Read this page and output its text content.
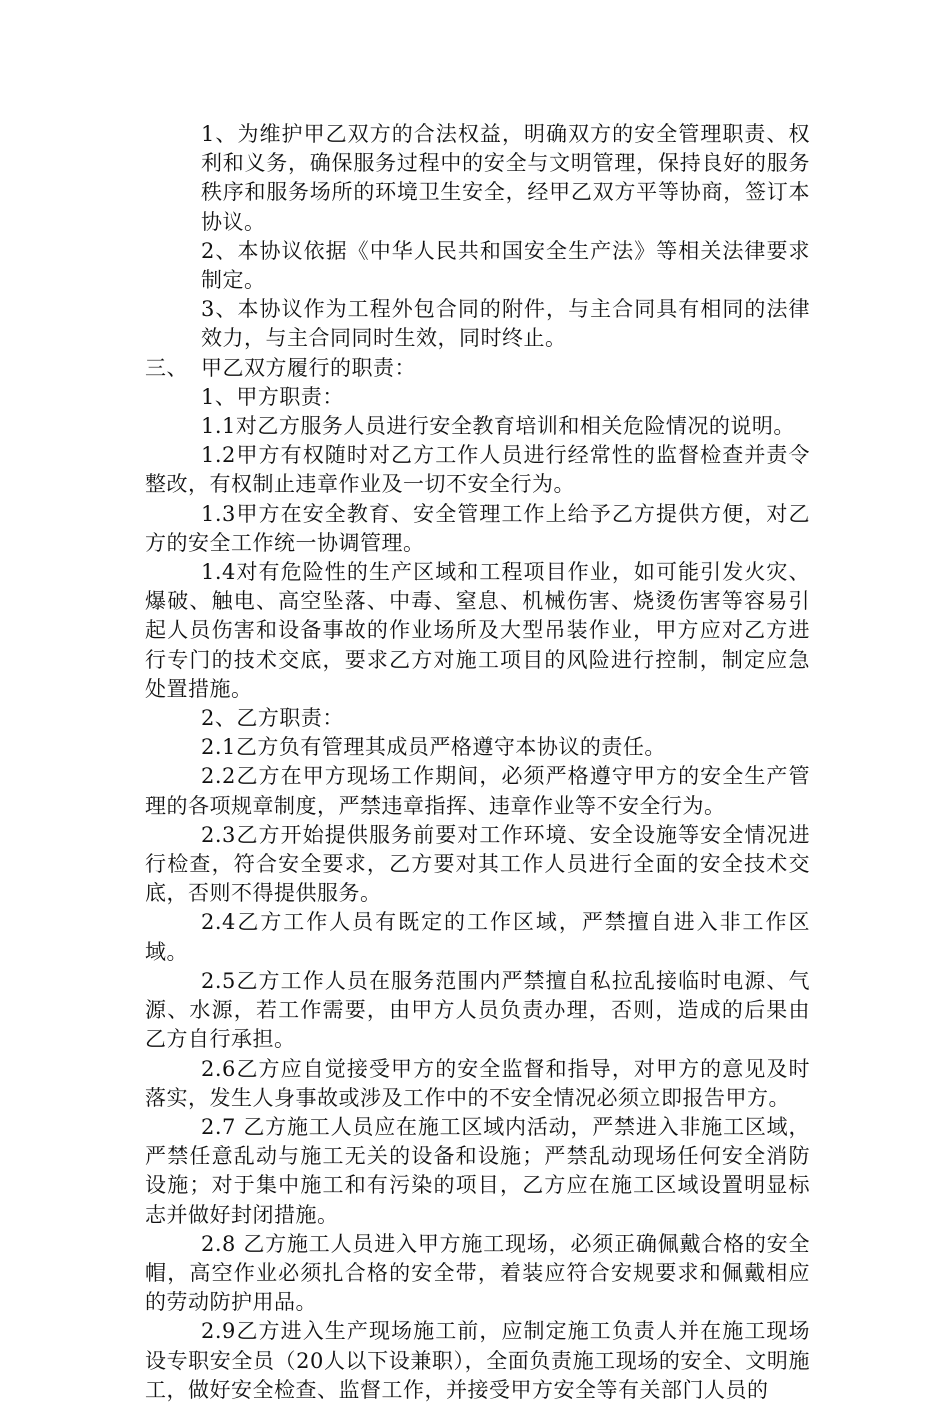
1、为维护甲乙双方的合法权益，明确双方的安全管理职责、权利和义务，确保服务过程中的安全与文明管理，保持良好的服务秩序和服务场所的环境卫生安全，经甲乙双方平等协商，签订本协议。

2、本协议依据《中华人民共和国安全生产法》等相关法律要求制定。

3、本协议作为工程外包合同的附件，与主合同具有相同的法律效力，与主合同同时生效，同时终止。

三、 甲乙双方履行的职责：

1、甲方职责：

1.1对乙方服务人员进行安全教育培训和相关危险情况的说明。

1.2甲方有权随时对乙方工作人员进行经常性的监督检查并责令整改，有权制止违章作业及一切不安全行为。

1.3甲方在安全教育、安全管理工作上给予乙方提供方便，对乙方的安全工作统一协调管理。

1.4对有危险性的生产区域和工程项目作业，如可能引发火灾、爆破、触电、高空坠落、中毒、窒息、机械伤害、烧烫伤害等容易引起人员伤害和设备事故的作业场所及大型吊装作业，甲方应对乙方进行专门的技术交底，要求乙方对施工项目的风险进行控制，制定应急处置措施。

2、乙方职责：

2.1乙方负有管理其成员严格遵守本协议的责任。

2.2乙方在甲方现场工作期间，必须严格遵守甲方的安全生产管理的各项规章制度，严禁违章指挥、违章作业等不安全行为。

2.3乙方开始提供服务前要对工作环境、安全设施等安全情况进行检查，符合安全要求，乙方要对其工作人员进行全面的安全技术交底，否则不得提供服务。

2.4乙方工作人员有既定的工作区域，严禁擅自进入非工作区域。

2.5乙方工作人员在服务范围内严禁擅自私拉乱接临时电源、气源、水源，若工作需要，由甲方人员负责办理，否则，造成的后果由乙方自行承担。

2.6乙方应自觉接受甲方的安全监督和指导，对甲方的意见及时落实，发生人身事故或涉及工作中的不安全情况必须立即报告甲方。

2.7 乙方施工人员应在施工区域内活动，严禁进入非施工区域，严禁任意乱动与施工无关的设备和设施；严禁乱动现场任何安全消防设施；对于集中施工和有污染的项目，乙方应在施工区域设置明显标志并做好封闭措施。

2.8 乙方施工人员进入甲方施工现场，必须正确佩戴合格的安全帽，高空作业必须扎合格的安全带，着装应符合安规要求和佩戴相应的劳动防护用品。

2.9乙方进入生产现场施工前，应制定施工负责人并在施工现场设专职安全员（20人以下设兼职），全面负责施工现场的安全、文明施工，做好安全检查、监督工作，并接受甲方安全等有关部门人员的
